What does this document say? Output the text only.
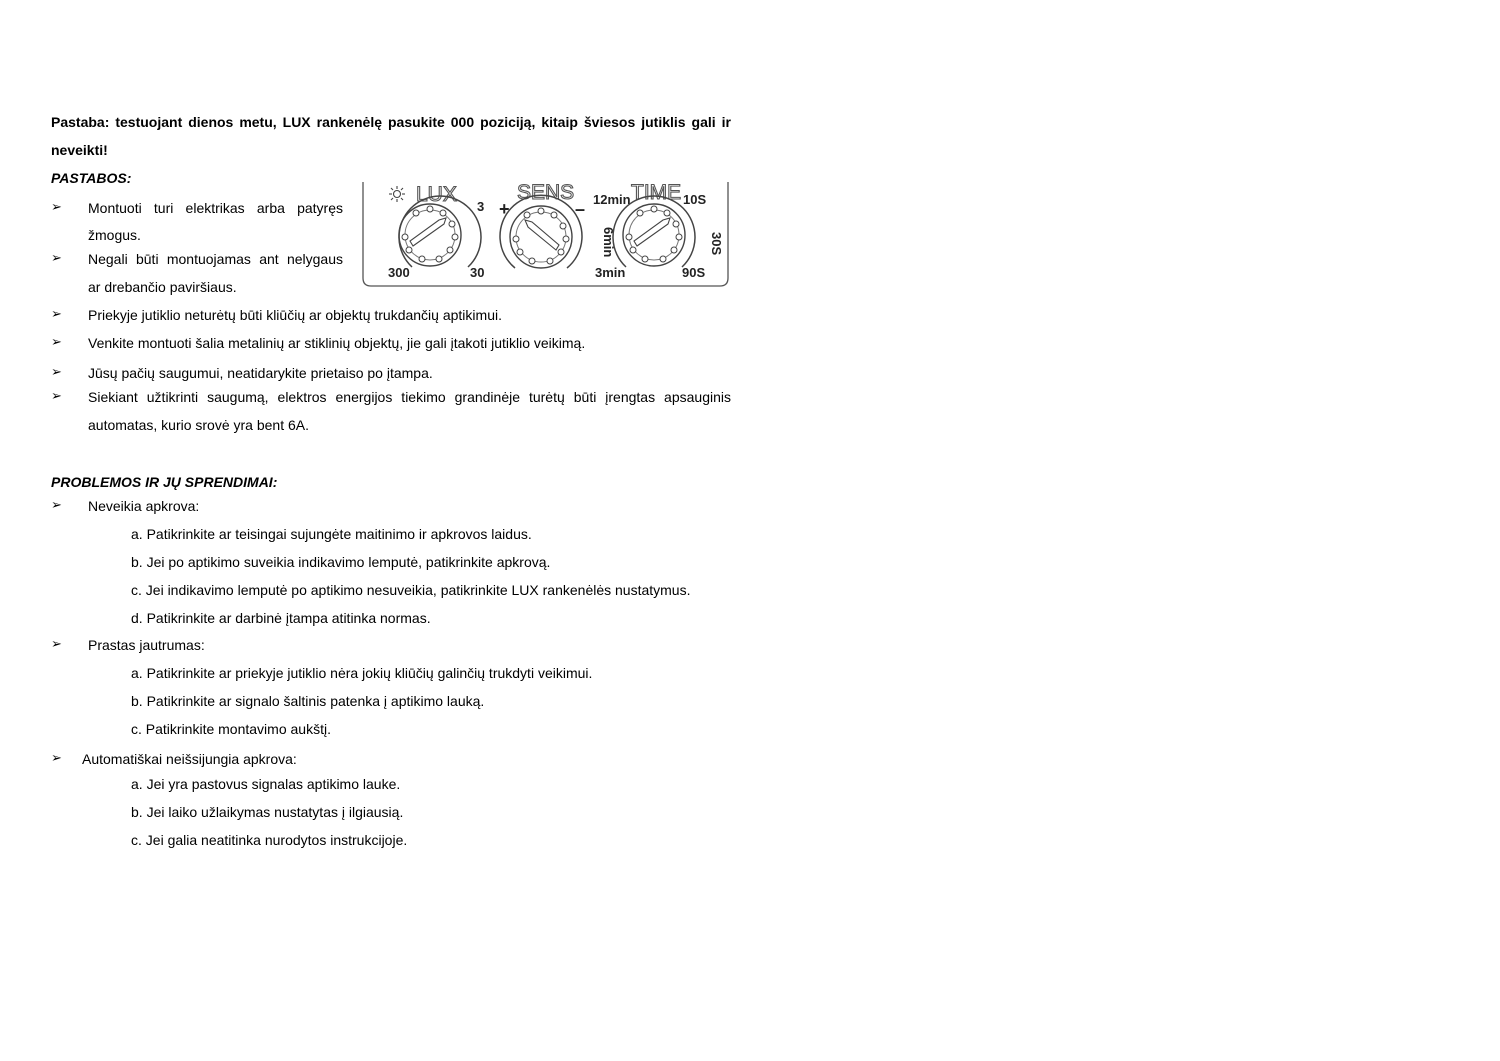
Pastaba: testuojant dienos metu, LUX rankenėlę pasukite 000 poziciją, kitaip šviesos jutiklis gali ir
neveikti!
PASTABOS:
➢ Montuoti turi elektrikas arba patyręs
žmogus.
➢ Negali būti montuojamas ant nelygaus
ar drebančio paviršiaus.
➢ Priekyje jutiklio neturėtų būti kliūčių ar objektų trukdančių aptikimui.
➢ Venkite montuoti šalia metalinių ar stiklinių objektų, jie gali įtakoti jutiklio veikimą.
➢ Jūsų pačių saugumui, neatidarykite prietaiso po įtampa.
➢ Siekiant užtikrinti saugumą, elektros energijos tiekimo grandinėje turėtų būti įrengtas apsauginis
automatas, kurio srovė yra bent 6A.
LUX
3
300	30
SENS
+	– 12min TIME 10S
6min	30S
3min	90S
PROBLEMOS IR JŲ SPRENDIMAI:
➢ Neveikia apkrova:
a. Patikrinkite ar teisingai sujungėte maitinimo ir apkrovos laidus.
b. Jei po aptikimo suveikia indikavimo lemputė, patikrinkite apkrovą.
c. Jei indikavimo lemputė po aptikimo nesuveikia, patikrinkite LUX rankenėlės nustatymus.
d. Patikrinkite ar darbinė įtampa atitinka normas.
➢ Prastas jautrumas:
a. Patikrinkite ar priekyje jutiklio nėra jokių kliūčių galinčių trukdyti veikimui.
b. Patikrinkite ar signalo šaltinis patenka į aptikimo lauką.
c. Patikrinkite montavimo aukštį.
➢ Automatiškai neišsijungia apkrova:
a. Jei yra pastovus signalas aptikimo lauke.
b. Jei laiko užlaikymas nustatytas į ilgiausią.
c. Jei galia neatitinka nurodytos instrukcijoje.
